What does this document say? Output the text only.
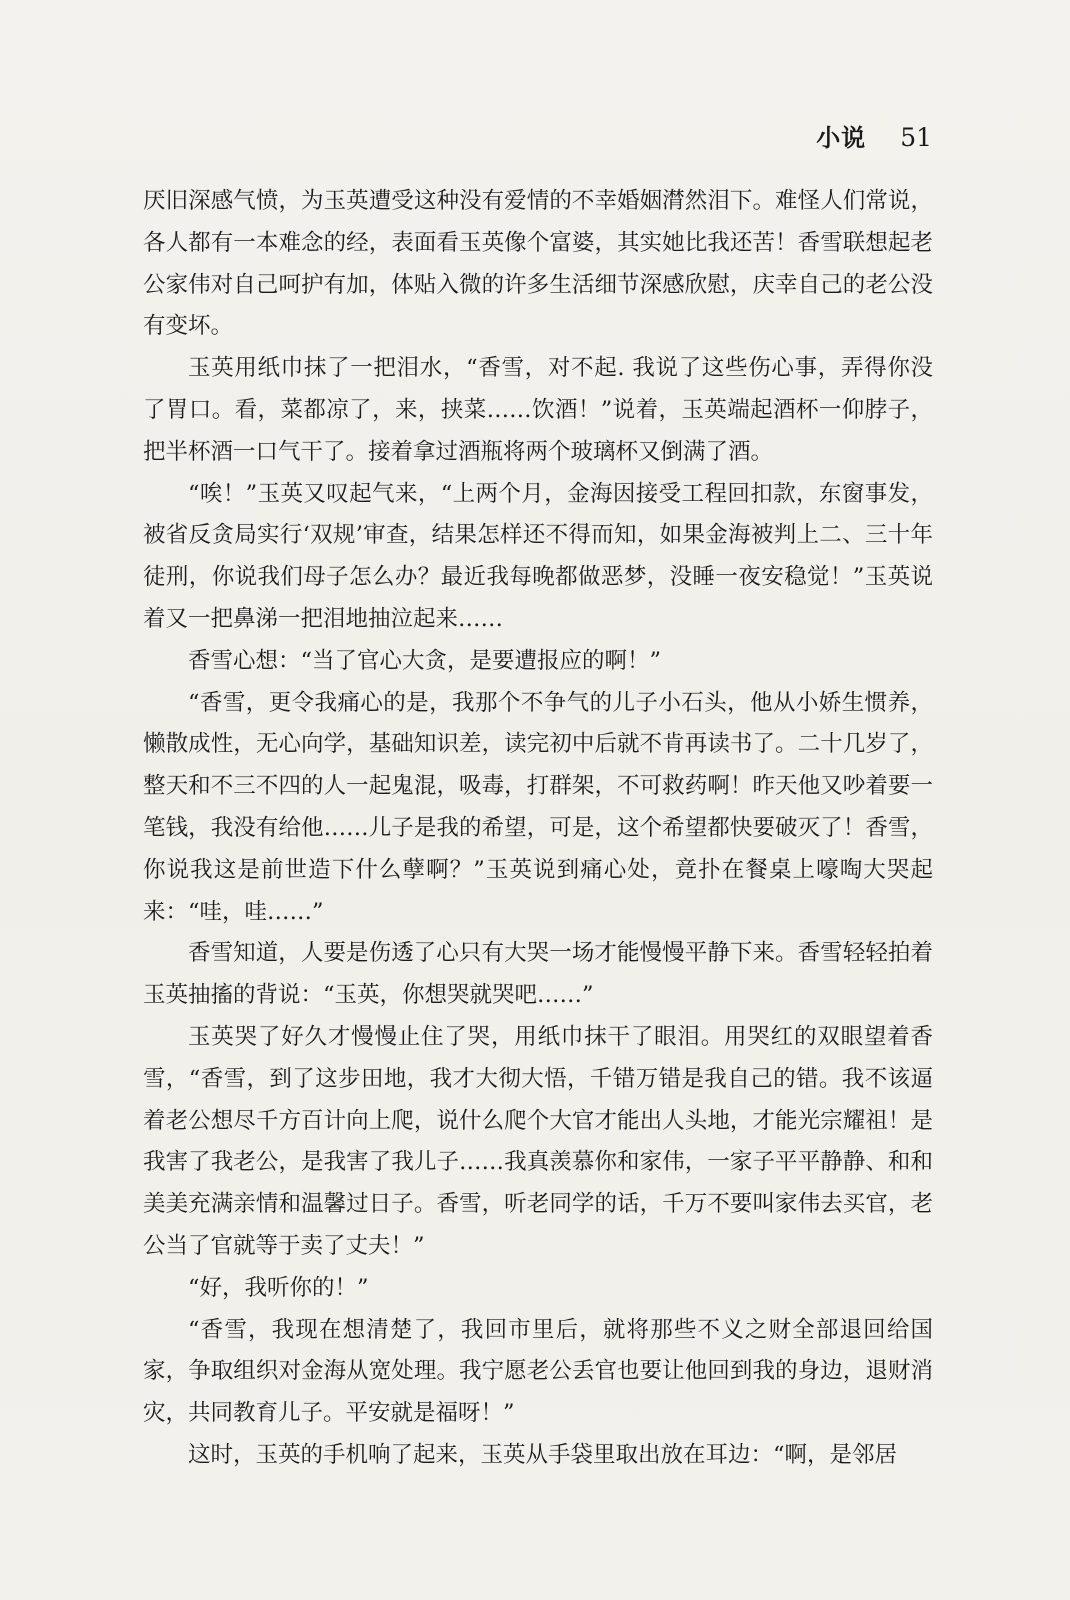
小说 51

厌旧深感气愤，为玉英遭受这种没有爱情的不幸婚姻潸然泪下。难怪人们常说，各人都有一本难念的经，表面看玉英像个富婆，其实她比我还苦！香雪联想起老公家伟对自己呵护有加，体贴入微的许多生活细节深感欣慰，庆幸自己的老公没有变坏。

玉英用纸巾抹了一把泪水，“香雪，对不起. 我说了这些伤心事，弄得你没了胃口。看，菜都凉了，来，挟菜……饮酒！”说着，玉英端起酒杯一仰脖子，把半杯酒一口气干了。接着拿过酒瓶将两个玻璃杯又倒满了酒。

“唉！”玉英又叹起气来，“上两个月，金海因接受工程回扣款，东窗事发，被省反贪局实行‘双规’审查，结果怎样还不得而知，如果金海被判上二、三十年徒刑，你说我们母子怎么办？最近我每晚都做恶梦，没睡一夜安稳觉！”玉英说着又一把鼻涕一把泪地抽泣起来……

香雪心想：“当了官心大贪，是要遭报应的啊！”

“香雪，更令我痛心的是，我那个不争气的儿子小石头，他从小娇生惯养，懒散成性，无心向学，基础知识差，读完初中后就不肯再读书了。二十几岁了，整天和不三不四的人一起鬼混，吸毒，打群架，不可救药啊！昨天他又吵着要一笔钱，我没有给他……儿子是我的希望，可是，这个希望都快要破灭了！香雪，你说我这是前世造下什么孽啊？”玉英说到痛心处，竟扑在餐桌上嚎啕大哭起来：“哇，哇……”

香雪知道，人要是伤透了心只有大哭一场才能慢慢平静下来。香雪轻轻拍着玉英抽搐的背说：“玉英，你想哭就哭吧……”

玉英哭了好久才慢慢止住了哭，用纸巾抹干了眼泪。用哭红的双眼望着香雪，“香雪，到了这步田地，我才大彻大悟，千错万错是我自己的错。我不该逼着老公想尽千方百计向上爬，说什么爬个大官才能出人头地，才能光宗耀祖！是我害了我老公，是我害了我儿子……我真羡慕你和家伟，一家子平平静静、和和美美充满亲情和温馨过日子。香雪，听老同学的话，千万不要叫家伟去买官，老公当了官就等于卖了丈夫！”

“好，我听你的！”

“香雪，我现在想清楚了，我回市里后，就将那些不义之财全部退回给国家，争取组织对金海从宽处理。我宁愿老公丢官也要让他回到我的身边，退财消灾，共同教育儿子。平安就是福呀！”

这时，玉英的手机响了起来，玉英从手袋里取出放在耳边：“啊，是邻居
